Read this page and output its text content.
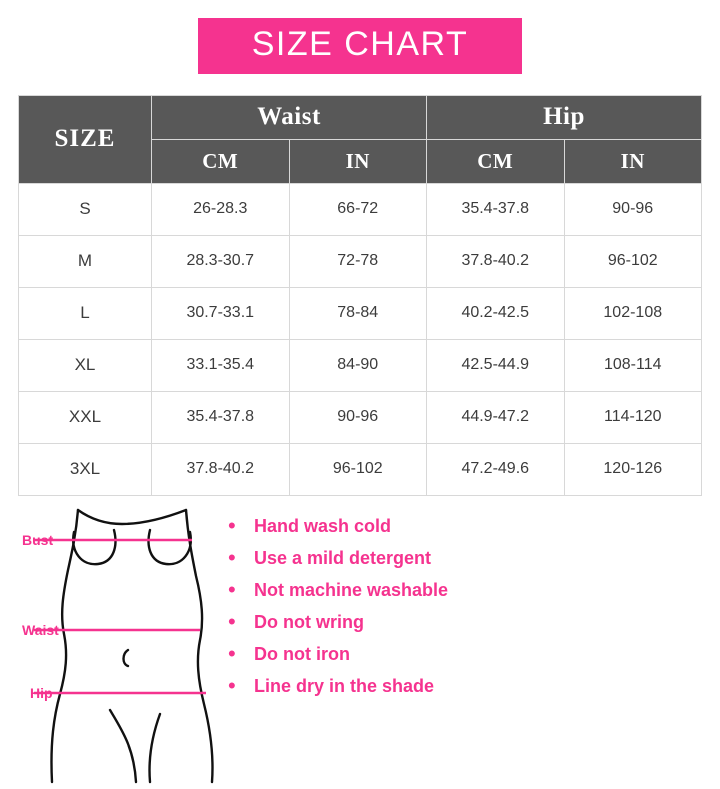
SIZE CHART
SIZE	Waist		Hip	
	CM	IN	CM	IN
S	26-28.3	66-72	35.4-37.8	90-96
M	28.3-30.7	72-78	37.8-40.2	96-102
L	30.7-33.1	78-84	40.2-42.5	102-108
XL	33.1-35.4	84-90	42.5-44.9	108-114
XXL	35.4-37.8	90-96	44.9-47.2	114-120
3XL	37.8-40.2	96-102	47.2-49.6	120-126
Bust
Waist
Hip
•	Hand wash cold
•	Use a mild detergent
•	Not machine washable
•	Do not wring
•	Do not iron
•	Line dry in the shade
